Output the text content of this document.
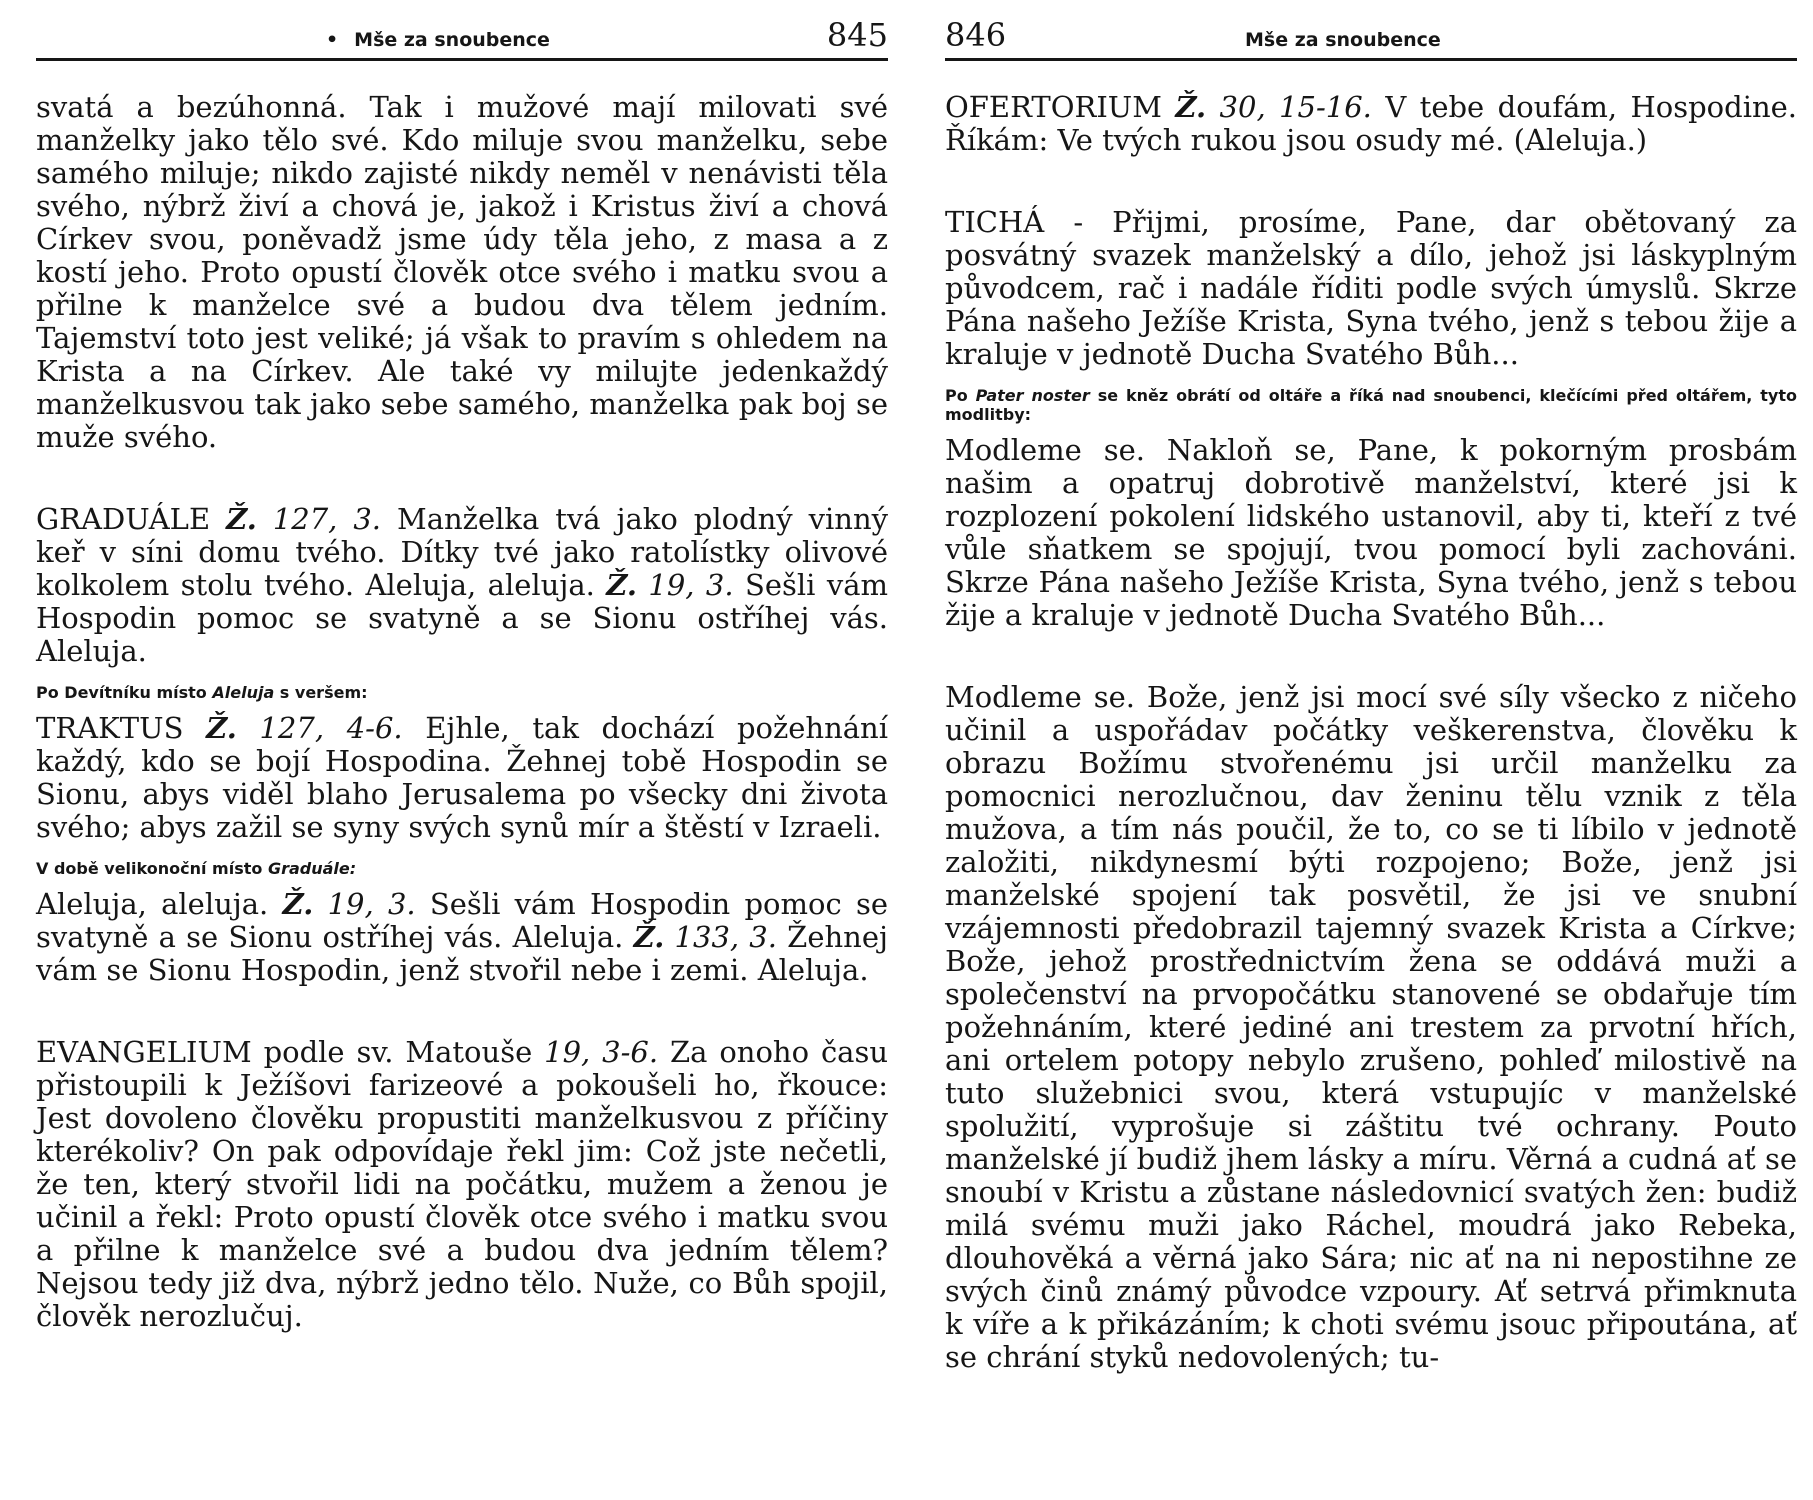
• Mše za snoubence	845

svatá a bezúhonná. Tak i mužové mají milovati své manželky jako tělo své. Kdo miluje svou manželku, sebe samého miluje; nikdo zajisté nikdy neměl v nenávisti těla svého, nýbrž živí a chová je, jakož i Kristus živí a chová Církev svou, poněvadž jsme údy těla jeho, z masa a z kostí jeho. Proto opustí člověk otce svého i matku svou a přilne k manželce své a budou dva tělem jedním. Tajemství toto jest veliké; já však to pravím s ohledem na Krista a na Církev. Ale také vy milujte jedenkaždý manželkusvou tak jako sebe samého, manželka pak boj se muže svého.

GRADUÁLE Ž. 127, 3. Manželka tvá jako plodný vinný keř v síni domu tvého. Dítky tvé jako ratolístky olivové kolkolem stolu tvého. Aleluja, aleluja. Ž. 19, 3. Sešli vám Hospodin pomoc se svatyně a se Sionu ostříhej vás. Aleluja.

Po Devítníku místo Aleluja s veršem:

TRAKTUS Ž. 127, 4-6. Ejhle, tak dochází požehnání každý, kdo se bojí Hospodina. Žehnej tobě Hospodin se Sionu, abys viděl blaho Jerusalema po všecky dni života svého; abys zažil se syny svých synů mír a štěstí v Izraeli.

V době velikonoční místo Graduále:

Aleluja, aleluja. Ž. 19, 3. Sešli vám Hospodin pomoc se svatyně a se Sionu ostříhej vás. Aleluja. Ž. 133, 3. Žehnej vám se Sionu Hospodin, jenž stvořil nebe i zemi. Aleluja.

EVANGELIUM podle sv. Matouše 19, 3-6. Za onoho času přistoupili k Ježíšovi farizeové a pokoušeli ho, řkouce: Jest dovoleno člověku propustiti manželkusvou z příčiny kterékoliv? On pak odpovídaje řekl jim: Což jste nečetli, že ten, který stvořil lidi na počátku, mužem a ženou je učinil a řekl: Proto opustí člověk otce svého i matku svou a přilne k manželce své a budou dva jedním tělem? Nejsou tedy již dva, nýbrž jedno tělo. Nuže, co Bůh spojil, člověk nerozlučuj.

846	Mše za snoubence

OFERTORIUM Ž. 30, 15-16. V tebe doufám, Hospodine. Říkám: Ve tvých rukou jsou osudy mé. (Aleluja.)

TICHÁ - Přijmi, prosíme, Pane, dar obětovaný za posvátný svazek manželský a dílo, jehož jsi láskyplným původcem, rač i nadále říditi podle svých úmyslů. Skrze Pána našeho Ježíše Krista, Syna tvého, jenž s tebou žije a kraluje v jednotě Ducha Svatého Bůh...

Po Pater noster se kněz obrátí od oltáře a říká nad snoubenci, klečícími před oltářem, tyto modlitby:

Modleme se. Nakloň se, Pane, k pokorným prosbám našim a opatruj dobrotivě manželství, které jsi k rozplození pokolení lidského ustanovil, aby ti, kteří z tvé vůle sňatkem se spojují, tvou pomocí byli zachováni. Skrze Pána našeho Ježíše Krista, Syna tvého, jenž s tebou žije a kraluje v jednotě Ducha Svatého Bůh...

Modleme se. Bože, jenž jsi mocí své síly všecko z ničeho učinil a uspořádav počátky veškerenstva, člověku k obrazu Božímu stvořenému jsi určil manželku za pomocnici nerozlučnou, dav ženinu tělu vznik z těla mužova, a tím nás poučil, že to, co se ti líbilo v jednotě založiti, nikdynesmí býti rozpojeno; Bože, jenž jsi manželské spojení tak posvětil, že jsi ve snubní vzájemnosti předobrazil tajemný svazek Krista a Církve; Bože, jehož prostřednictvím žena se oddává muži a společenství na prvopočátku stanovené se obdařuje tím požehnáním, které jediné ani trestem za prvotní hřích, ani ortelem potopy nebylo zrušeno, pohleď milostivě na tuto služebnici svou, která vstupujíc v manželské spolužití, vyprošuje si záštitu tvé ochrany. Pouto manželské jí budiž jhem lásky a míru. Věrná a cudná ať se snoubí v Kristu a zůstane následovnicí svatých žen: budiž milá svému muži jako Ráchel, moudrá jako Rebeka, dlouhověká a věrná jako Sára; nic ať na ni nepostihne ze svých činů známý původce vzpoury. Ať setrvá přimknuta k víře a k přikázáním; k choti svému jsouc připoutána, ať se chrání styků nedovolených; tu-
